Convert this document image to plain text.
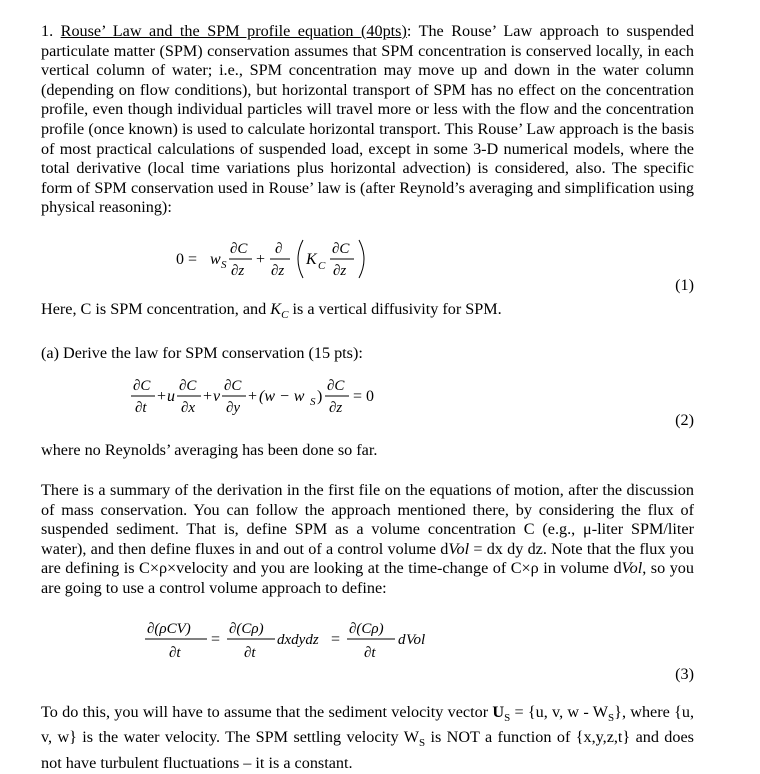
1. Rouse’ Law and the SPM profile equation (40pts): The Rouse’ Law approach to suspended particulate matter (SPM) conservation assumes that SPM concentration is conserved locally, in each vertical column of water; i.e., SPM concentration may move up and down in the water column (depending on flow conditions), but horizontal transport of SPM has no effect on the concentration profile, even though individual particles will travel more or less with the flow and the concentration profile (once known) is used to calculate horizontal transport. This Rouse’ Law approach is the basis of most practical calculations of suspended load, except in some 3-D numerical models, where the total derivative (local time variations plus horizontal advection) is considered, also. The specific form of SPM conservation used in Rouse’ law is (after Reynold’s averaging and simplification using physical reasoning):

0 = w S
∂C
∂z
+
∂
∂z
K C
∂C
∂z
(1)

Here, C is SPM concentration, and $K_C$ is a vertical diffusivity for SPM.

(a) Derive the law for SPM conservation (15 pts):

∂C
∂t
+ u
∂C
∂x
+ v
∂C
∂y
+ (w − w S )
∂C
∂z
= 0
(2)

where no Reynolds’ averaging has been done so far.

There is a summary of the derivation in the first file on the equations of motion, after the discussion of mass conservation. You can follow the approach mentioned there, by considering the flux of suspended sediment. That is, define SPM as a volume concentration C (e.g., μ-liter SPM/liter water), and then define fluxes in and out of a control volume dVol = dx dy dz. Note that the flux you are defining is C×ρ×velocity and you are looking at the time-change of C×ρ in volume dVol, so you are going to use a control volume approach to define:

∂(ρCV)
∂t
=
∂(Cρ)
∂t
dxdydz =
∂(Cρ)
∂t
d Vol
(3)

To do this, you will have to assume that the sediment velocity vector $U_S = \{u$, v, w - $W_S$}, where {u, v, w} is the water velocity. The SPM settling velocity $W_S$ is NOT a function of {x,y,z,t} and does not have turbulent fluctuations – it is a constant.
